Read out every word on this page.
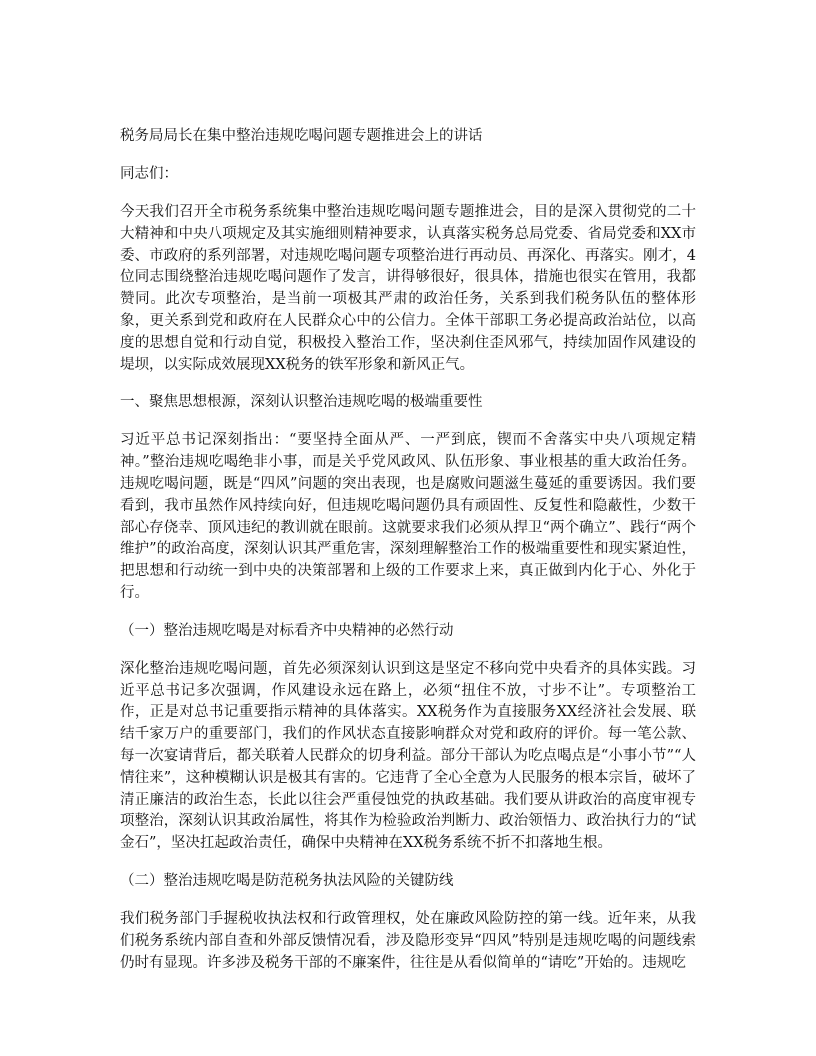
税务局局长在集中整治违规吃喝问题专题推进会上的讲话

同志们：

今天我们召开全市税务系统集中整治违规吃喝问题专题推进会，目的是深入贯彻党的二十大精神和中央八项规定及其实施细则精神要求，认真落实税务总局党委、省局党委和XX市委、市政府的系列部署，对违规吃喝问题专项整治进行再动员、再深化、再落实。刚才，4位同志围绕整治违规吃喝问题作了发言，讲得够很好，很具体，措施也很实在管用，我都赞同。此次专项整治，是当前一项极其严肃的政治任务，关系到我们税务队伍的整体形象，更关系到党和政府在人民群众心中的公信力。全体干部职工务必提高政治站位，以高度的思想自觉和行动自觉，积极投入整治工作，坚决刹住歪风邪气，持续加固作风建设的堤坝，以实际成效展现XX税务的铁军形象和新风正气。

一、聚焦思想根源，深刻认识整治违规吃喝的极端重要性

习近平总书记深刻指出：“要坚持全面从严、一严到底，锲而不舍落实中央八项规定精神。”整治违规吃喝绝非小事，而是关乎党风政风、队伍形象、事业根基的重大政治任务。违规吃喝问题，既是“四风”问题的突出表现，也是腐败问题滋生蔓延的重要诱因。我们要看到，我市虽然作风持续向好，但违规吃喝问题仍具有顽固性、反复性和隐蔽性，少数干部心存侥幸、顶风违纪的教训就在眼前。这就要求我们必须从捍卫“两个确立”、践行“两个维护”的政治高度，深刻认识其严重危害，深刻理解整治工作的极端重要性和现实紧迫性，把思想和行动统一到中央的决策部署和上级的工作要求上来，真正做到内化于心、外化于行。

（一）整治违规吃喝是对标看齐中央精神的必然行动

深化整治违规吃喝问题，首先必须深刻认识到这是坚定不移向党中央看齐的具体实践。习近平总书记多次强调，作风建设永远在路上，必须“扭住不放，寸步不让”。专项整治工作，正是对总书记重要指示精神的具体落实。XX税务作为直接服务XX经济社会发展、联结千家万户的重要部门，我们的作风状态直接影响群众对党和政府的评价。每一笔公款、每一次宴请背后，都关联着人民群众的切身利益。部分干部认为吃点喝点是“小事小节”“人情往来”，这种模糊认识是极其有害的。它违背了全心全意为人民服务的根本宗旨，破坏了清正廉洁的政治生态，长此以往会严重侵蚀党的执政基础。我们要从讲政治的高度审视专项整治，深刻认识其政治属性，将其作为检验政治判断力、政治领悟力、政治执行力的“试金石”，坚决扛起政治责任，确保中央精神在XX税务系统不折不扣落地生根。

（二）整治违规吃喝是防范税务执法风险的关键防线

我们税务部门手握税收执法权和行政管理权，处在廉政风险防控的第一线。近年来，从我们税务系统内部自查和外部反馈情况看，涉及隐形变异“四风”特别是违规吃喝的问题线索仍时有显现。许多涉及税务干部的不廉案件，往往是从看似简单的“请吃”开始的。违规吃
